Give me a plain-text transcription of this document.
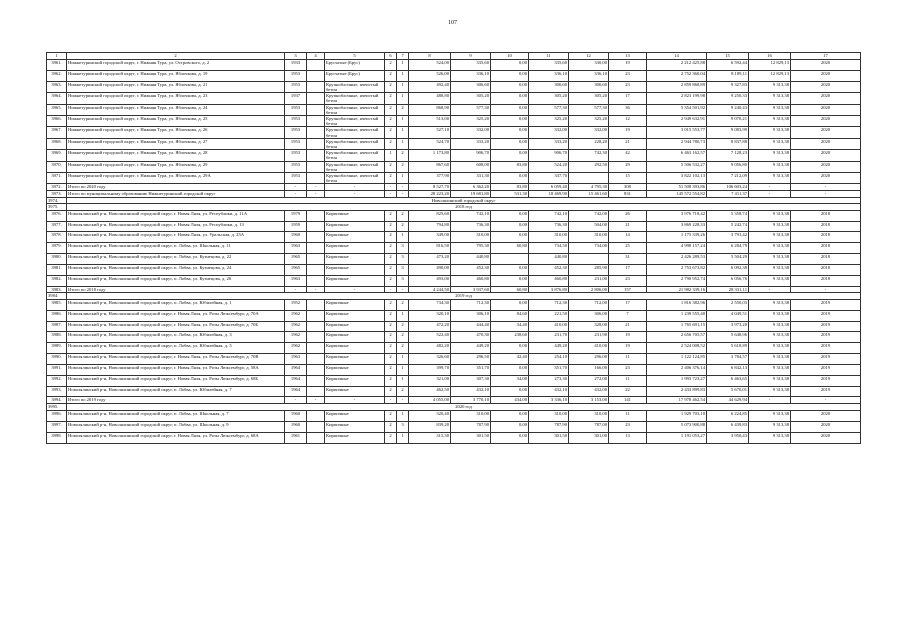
107
1	2	3	4	5	6	7	8	9	10	11	12	13	14	15	16	17
3961.	Нижнетуринский городской округ, г. Нижняя Тура, ул. Островского, д. 2	1933		Брусчатые (Брус)	2	1	524,00	335,60	0,00	335,60	330,00	19	2 212 425,88	6 592,44	12 829,13	2020
3962.	Нижнетуринский городской округ, г. Нижняя Тура, ул. Яблочкова, д. 19	1953		Брусчатые (Брус)	2	1	526,00	336,10	0,00	336,10	336,10	23	2 752 360,04	8 189,11	12 829,13	2020
3963.	Нижнетуринский городской округ, г. Нижняя Тура, ул. Яблочкова, д. 21	1953		Крупноблочные, ячеистый бетон	2	1	492,40	306,60	0,00	306,60	306,60	23	2 859 868,89	9 327,83	9 313,38	2020
3964.	Нижнетуринский городской округ, г. Нижняя Тура, ул. Яблочкова, д. 23	1937		Крупноблочные, ячеистый бетон	2	1	488,80	305,20	0,00	305,20	305,20	17	2 823 199,98	9 250,33	9 313,38	2020
3965.	Нижнетуринский городской округ, г. Нижняя Тура, ул. Яблочкова, д. 24	1953		Крупноблочные, ячеистый бетон	2	2	868,90	577,30	0,00	577,30	577,30	36	5 354 501,92	9 240,43	9 313,38	2020
3966.	Нижнетуринский городской округ, г. Нижняя Тура, ул. Яблочкова, д. 25	1953		Крупноблочные, ячеистый бетон	2	1	513,00	325,20	0,00	325,20	325,20	12	2 949 632,91	9 070,21	9 313,38	2020
3967.	Нижнетуринский городской округ, г. Нижняя Тура, ул. Яблочкова, д. 26	1953		Крупноблочные, ячеистый бетон	2	1	527,10	332,00	0,00	332,00	332,00	19	3 015 553,77	9 083,99	9 313,38	2020
3968.	Нижнетуринский городской округ, г. Нижняя Тура, ул. Яблочкова, д. 27	1953		Крупноблочные, ячеистый бетон	2	1	524,70	333,20	0,00	333,20	228,20	21	2 944 780,73	8 837,88	9 313,38	2020
3969.	Нижнетуринский городской округ, г. Нижняя Тура, ул. Яблочкова, д. 28	1953		Крупноблочные, ячеистый бетон	1	2	1 173,80	906,70	0,00	906,70	742,30	42	6 463 162,57	7 128,23	9 313,38	2020
3970.	Нижнетуринский городской округ, г. Нижняя Тура, ул. Яблочкова, д. 29	1953		Крупноблочные, ячеистый бетон	2	2	867,60	608,00	83,80	524,20	292,50	29	5 506 532,27	9 056,80	9 313,38	2020
3971.	Нижнетуринский городской округ, г. Нижняя Тура, ул. Яблочкова, д. 29А	1953		Крупноблочные, ячеистый бетон	2	1	377,90	331,30	0,00	337,70		15	3 822 102,13	7 212,09	9 313,38	2020
3972.	Итого по 2020 году	-	-	-	-	-	8 527,70	6 362,20	83,80	6 059,40	4 795,30	308	51 508 393,86	106 603,24	-	-
3973.	Итого по муниципальному образованию Нижнетуринский городской округ	-	-	-	-	-	28 223,20	19 681,80	531,30	18 469,90	15 461,60	831	145 572 554,82	7 411,37	-	-
3974.	Новолялинский городской округ															
3975.	2018 год															
3976.	Новолялинский р-н, Новолялинский городской округ, г. Новая Ляля, ул. Республики, д. 11А	1979		Кирпичные	2	2	825,60	742,10	0,00	742,10	742,00	26	3 976 718,42	5 358,74	9 313,38	2018
3977.	Новолялинский р-н, Новолялинский городской округ, г. Новая Ляля, ул. Республики, д. 13	1959		Кирпичные	2	2	794,80	736,30	0,00	736,30	504,00	21	3 869 228,33	5 242,74	9 313,38	2018
3978.	Новолялинский р-н, Новолялинский городской округ, г. Новая Ляля, ул. Уральская, д. 25А	1960		Кирпичные	2	1	349,00	310,00	0,00	310,00	310,00	14	1 175 339,26	3 791,42	9 313,38	2018
3979.	Новолялинский р-н, Новолялинский городской округ, п. Лобва, ул. Школьная, д. 11	1963		Кирпичные	2	3	816,50	795,30	60,80	734,50	734,00	25	4 998 157,24	6 284,79	9 313,38	2018
3980.	Новолялинский р-н, Новолялинский городской округ, п. Лобва, ул. Кузнецова, д. 22	1965		Кирпичные	2	3	473,20	440,80		440,80		31	2 426 289,53	5 504,29	9 313,38	2018
3981.	Новолялинский р-н, Новолялинский городской округ, п. Лобва, ул. Кузнецова, д. 24	1965		Кирпичные	2	3	490,00	452,30	0,00	452,30	285,90	17	2 753 673,82	6 092,38	9 313,38	2018
3982.	Новолялинский р-н, Новолялинский городской округ, п. Лобва, ул. Кузнецова, д. 26	1963		Кирпичные	2	3	493,00	460,80	0,00	460,80	231,00	23	2 790 952,74	6 056,76	9 313,38	2018
3983.	Итого по 2018 году	-	-	-	-	-	4 244,50	3 937,60	60,80	3 876,80	2 806,00	157	21 982 339,16	28 331,11	-	-
3984.	2019 год															
3985.	Новолялинский р-н, Новолялинский городской округ, п. Лобва, ул. Юбилейная, д. 1	1952		Кирпичные	2	2	734,30	712,30	0,00	712,30	712,00	17	1 816 382,96	2 550,03	9 313,38	2019
3986.	Новолялинский р-н, Новолялинский городской округ, г. Новая Ляля, ул. Розы Люксембург, д. 70А	1962		Кирпичные	2	1	320,10	306,10	84,60	221,50	306,00	7	1 239 555,40	4 049,51	9 313,38	2019
3987.	Новолялинский р-н, Новолялинский городской округ, г. Новая Ляля, ул. Розы Люксембург, д. 70Б	1962		Кирпичные	2	2	472,20	444,40	34,40	410,00	328,00	21	1 765 691,15	3 973,20	9 313,38	2019
3988.	Новолялинский р-н, Новолялинский городской округ, п. Лобва, ул. Юбилейная, д. 3	1962		Кирпичные	2	2	522,40	470,30	238,60	231,70	231,90	19	2 656 705,57	5 648,96	9 313,38	2019
3989.	Новолялинский р-н, Новолялинский городской округ, п. Лобва, ул. Юбилейная, д. 5	1962		Кирпичные	2	2	482,20	449,20	0,00	449,20	410,00	19	2 524 008,52	5 618,89	9 313,38	2019
3990.	Новолялинский р-н, Новолялинский городской округ, г. Новая Ляля, ул. Розы Люксембург, д. 70В	1963		Кирпичные	2	1	326,60	296,50	42,40	254,10	296,00	11	1 122 124,85	3 784,57	9 313,38	2019
3991.	Новолялинский р-н, Новолялинский городской округ, г. Новая Ляля, ул. Розы Люксембург, д. 58А	1964		Кирпичные	2	1	399,70	351,70	0,00	351,70	166,00	23	2 406 376,14	6 842,13	9 313,38	2019
3992.	Новолялинский р-н, Новолялинский городской округ, г. Новая Ляля, ул. Розы Люксембург, д. 68Б	1964		Кирпичные	2	1	321,00	307,30	34,00	273,30	272,00	11	1 993 723,27	6 463,65	9 313,38	2019
3993.	Новолялинский р-н, Новолялинский городской округ, п. Лобва, ул. Юбилейная, д. 7	1964		Кирпичные	2	2	462,50	432,10	0,00	432,10	432,00	22	2 433 899,83	5 670,01	9 313,38	2019
3994.	Итого по 2019 году	-	-	-	-	-	4 055,00	3 770,10	434,00	3 336,10	3 153,00	141	17 978 462,54	44 629,94	-	-
3995.	2020 год															
3996.	Новолялинский р-н, Новолялинский городской округ, п. Лобва, ул. Школьная, д. 7	1960		Кирпичные	2	1	320,40	310,00	0,00	310,00	310,00	11	1 929 703,10	6 224,85	9 313,38	2020
3997.	Новолялинский р-н, Новолялинский городской округ, п. Лобва, ул. Школьная, д. 9	1960		Кирпичные	2	3	839,20	787,90	0,00	787,90	787,00	23	5 073 900,88	6 439,83	9 313,38	2020
3998.	Новолялинский р-н, Новолялинский городской округ, г. Новая Ляля, ул. Розы Люксембург, д. 68А	1961		Кирпичные	2	1	315,30	301,50	0,00	301,50	301,00	13	1 191 053,27	3 950,43	9 313,38	2020
